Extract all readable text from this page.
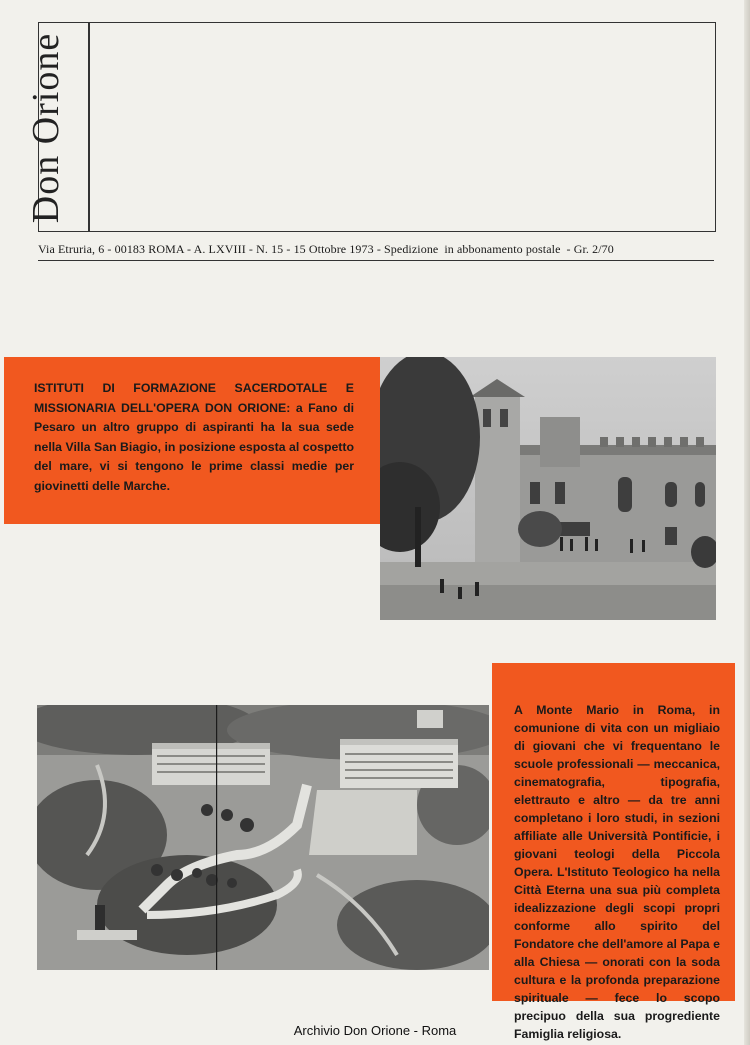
Don Orione
Via Etruria, 6 - 00183 ROMA - A. LXVIII - N. 15 - 15 Ottobre 1973 - Spedizione in abbonamento postale - Gr. 2/70
ISTITUTI DI FORMAZIONE SACERDOTALE E MISSIONARIA DELL'OPERA DON ORIONE: a Fano di Pesaro un altro gruppo di aspiranti ha la sua sede nella Villa San Biagio, in posizione esposta al cospetto del mare, vi si tengono le prime classi medie per giovinetti delle Marche.
A Monte Mario in Roma, in comunione di vita con un migliaio di giovani che vi frequentano le scuole professionali — meccanica, cinematografia, tipografia, elettrauto e altro — da tre anni completano i loro studi, in sezioni affiliate alle Università Pontificie, i giovani teologi della Piccola Opera. L'Istituto Teologico ha nella Città Eterna una sua più completa idealizzazione degli scopi propri conforme allo spirito del Fondatore che dell'amore al Papa e alla Chiesa — onorati con la soda cultura e la profonda preparazione spirituale — fece lo scopo precipuo della sua progrediente Famiglia religiosa.
Archivio Don Orione - Roma
